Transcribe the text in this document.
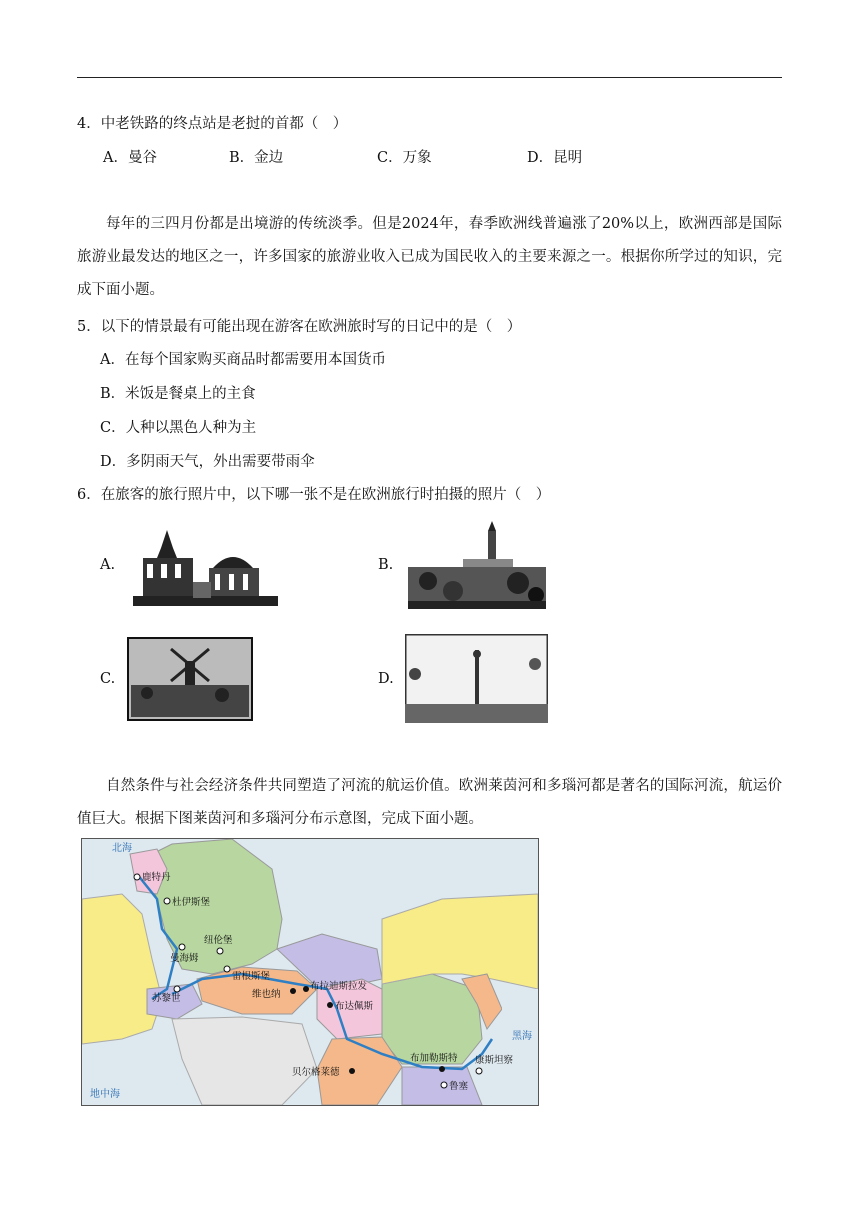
4．中老铁路的终点站是老挝的首都（　）
A．曼谷	B．金边	C．万象	D．昆明

每年的三四月份都是出境游的传统淡季。但是2024年，春季欧洲线普遍涨了20%以上，欧洲西部是国际旅游业最发达的地区之一，许多国家的旅游业收入已成为国民收入的主要来源之一。根据你所学过的知识，完成下面小题。

5．以下的情景最有可能出现在游客在欧洲旅时写的日记中的是（　）
A．在每个国家购买商品时都需要用本国货币
B．米饭是餐桌上的主食
C．人种以黑色人种为主
D．多阴雨天气，外出需要带雨伞
6．在旅客的旅行照片中，以下哪一张不是在欧洲旅行时拍摄的照片（　）
A.	B.
C.	D.

自然条件与社会经济条件共同塑造了河流的航运价值。欧洲莱茵河和多瑙河都是著名的国际河流，航运价值巨大。根据下图莱茵河和多瑙河分布示意图，完成下面小题。

鹿特丹
杜伊斯堡
纽伦堡
曼海姆
雷根斯堡
苏黎世	维也纳
布拉迪斯拉发
布达佩斯
布加勒斯特 康斯坦察
鲁塞
贝尔格莱德
北海
地中海
黑海
